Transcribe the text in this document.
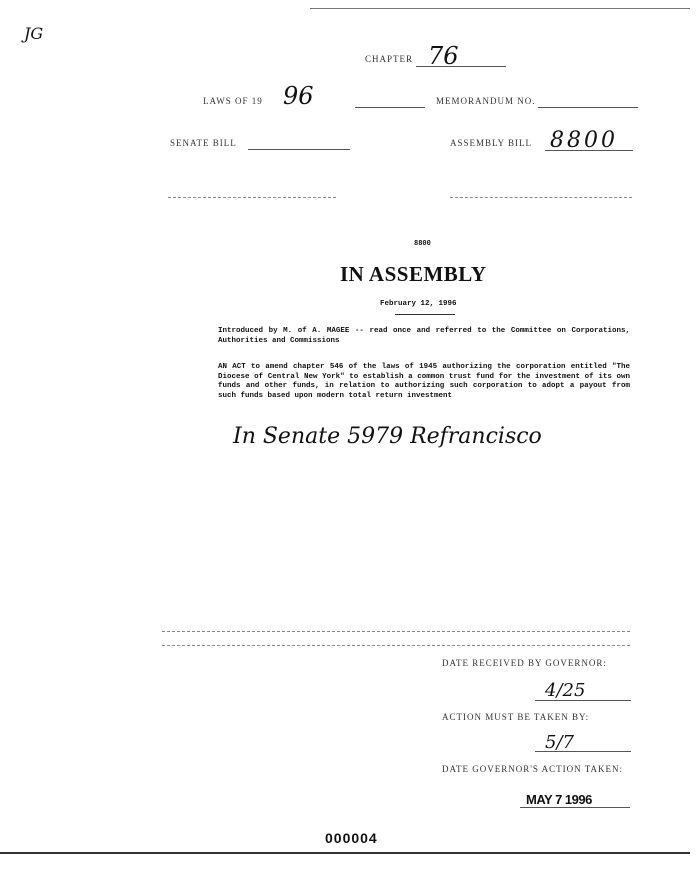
JG
CHAPTER 76
LAWS OF 19 96	MEMORANDUM NO.
SENATE BILL	ASSEMBLY BILL 8800
8800
IN ASSEMBLY
February 12, 1996
Introduced by M. of A. MAGEE -- read once and referred to the Committee on Corporations, Authorities and Commissions
AN ACT to amend chapter 546 of the laws of 1945 authorizing the corporation entitled "The Diocese of Central New York" to establish a common trust fund for the investment of its own funds and other funds, in relation to authorizing such corporation to adopt a payout from such funds based upon modern total return investment
In Senate 5979 Refrancisco
DATE RECEIVED BY GOVERNOR:
4/25
ACTION MUST BE TAKEN BY:
5/7
DATE GOVERNOR'S ACTION TAKEN:
MAY 7 1996
000004
